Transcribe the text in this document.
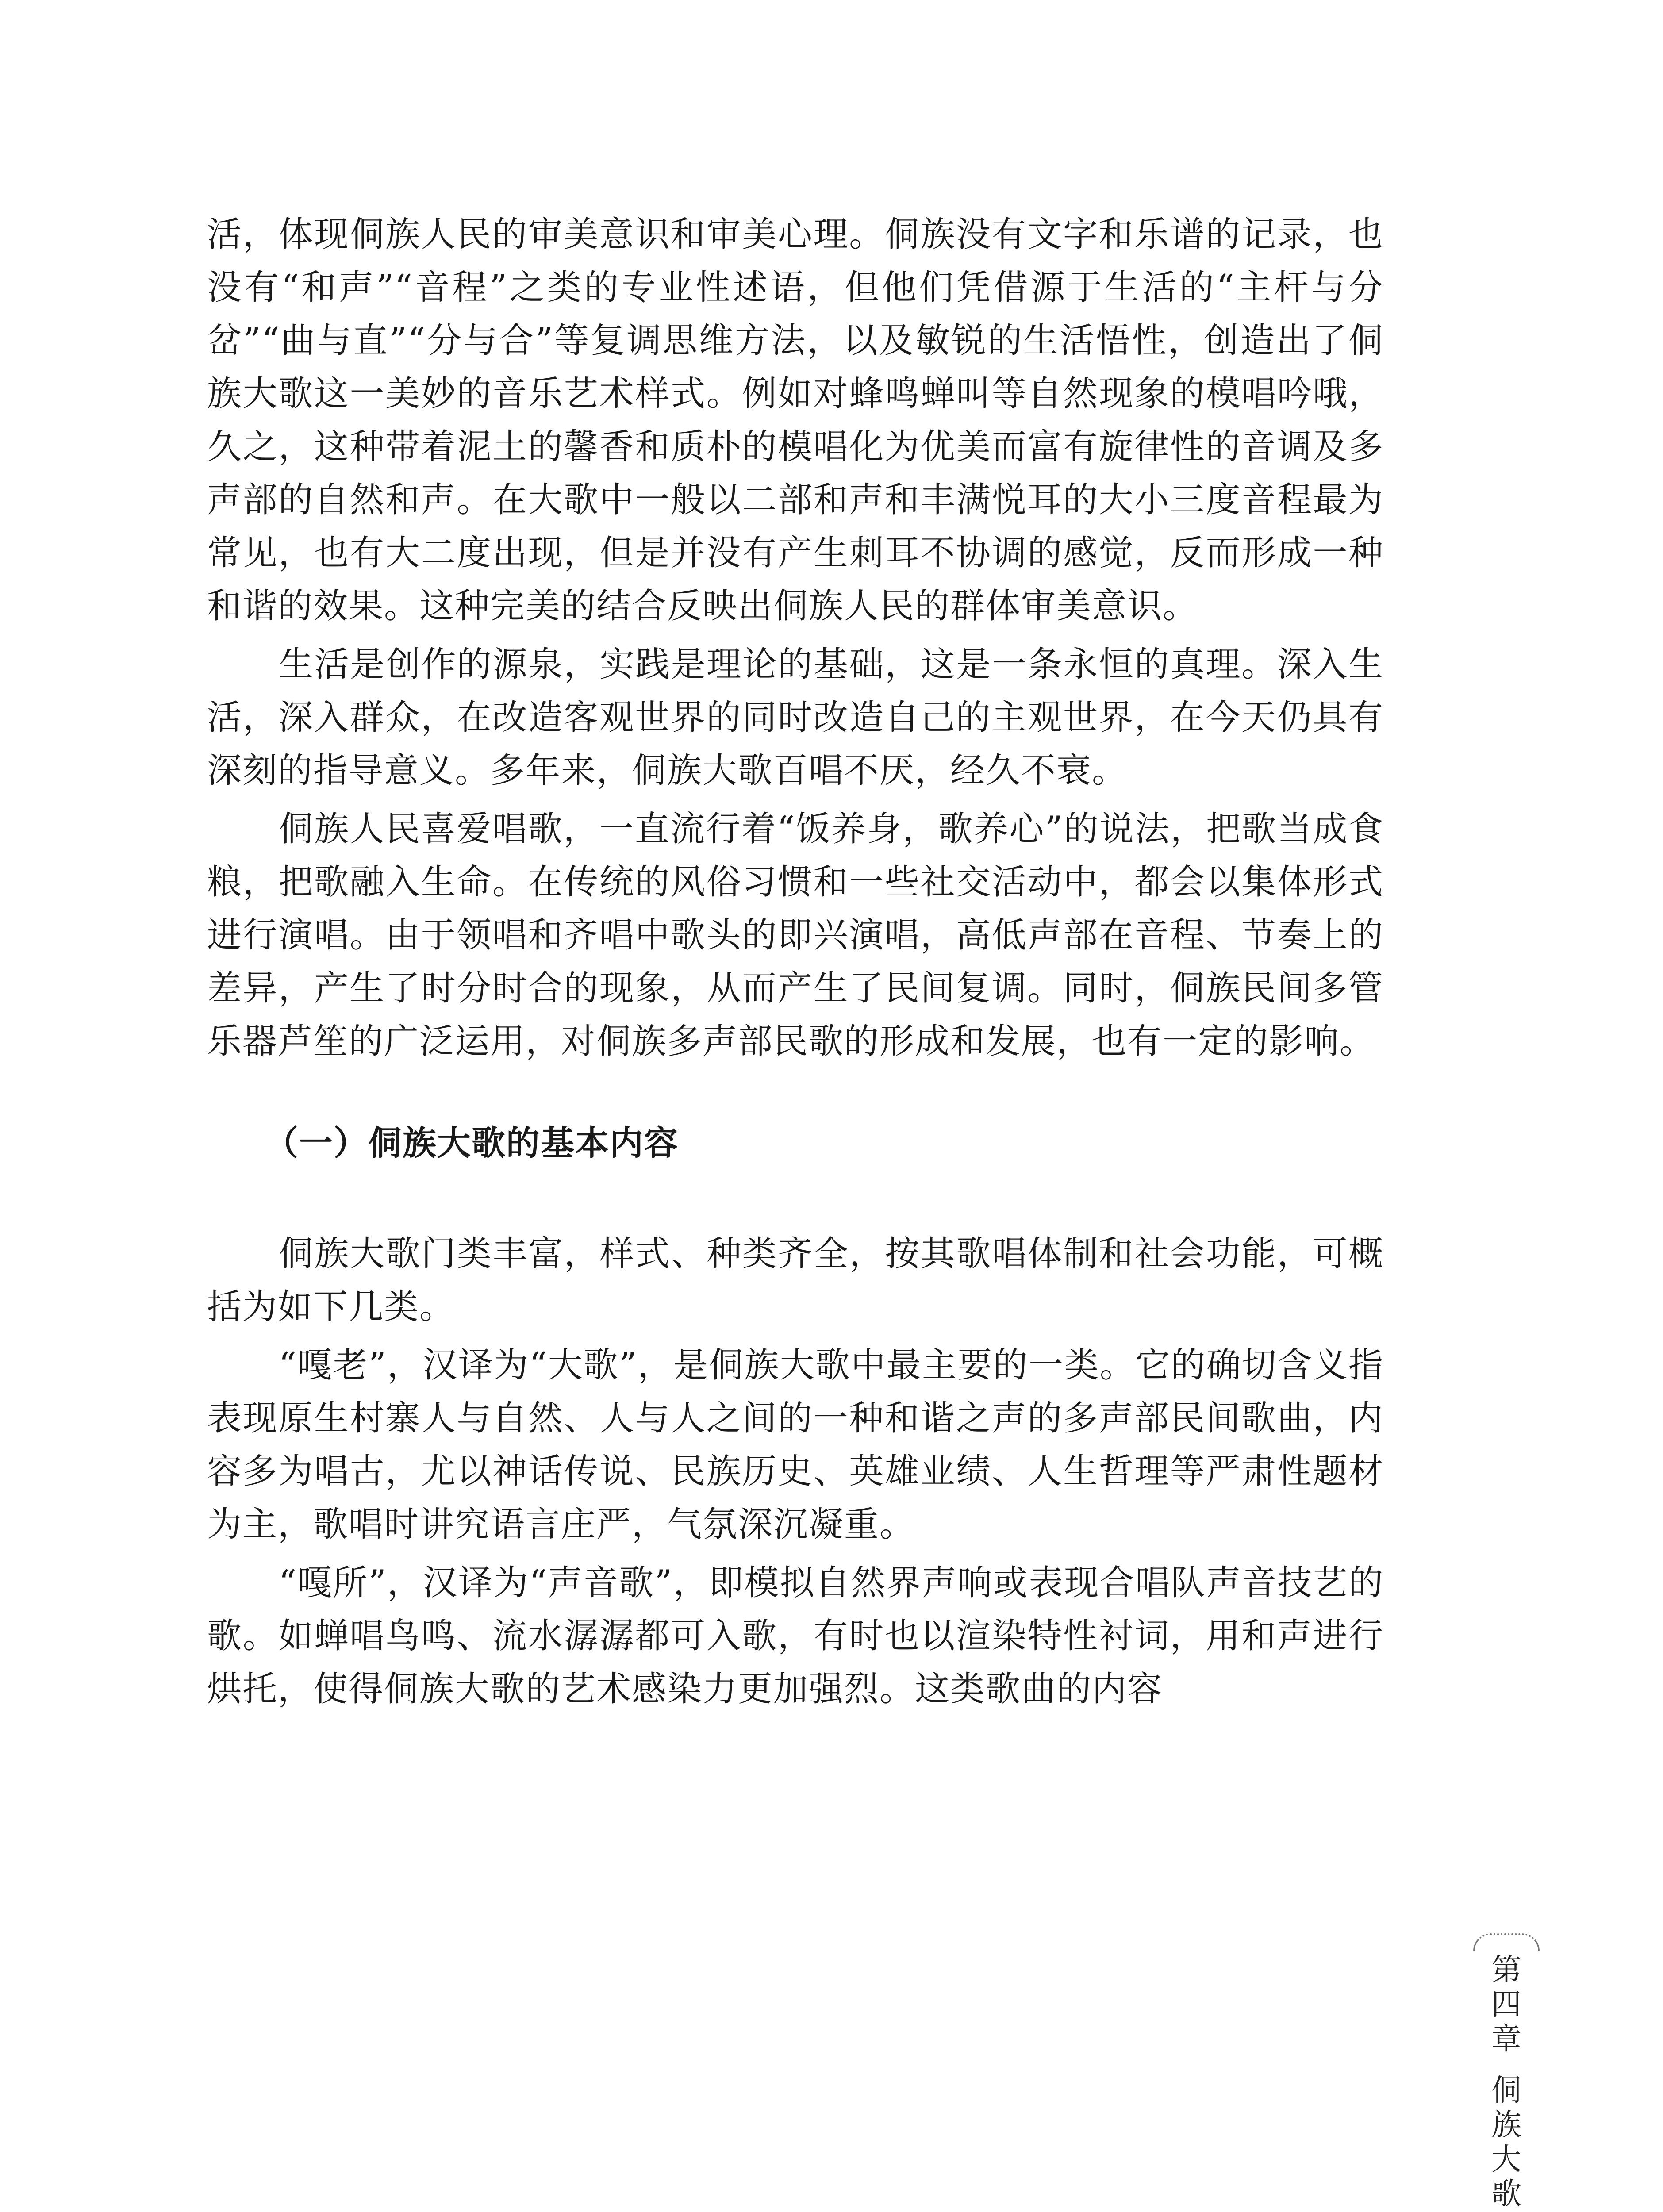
活，体现侗族人民的审美意识和审美心理。侗族没有文字和乐谱的记录，也没有“和声”“音程”之类的专业性述语，但他们凭借源于生活的“主杆与分岔”“曲与直”“分与合”等复调思维方法，以及敏锐的生活悟性，创造出了侗族大歌这一美妙的音乐艺术样式。例如对蜂鸣蝉叫等自然现象的模唱吟哦，久之，这种带着泥土的馨香和质朴的模唱化为优美而富有旋律性的音调及多声部的自然和声。在大歌中一般以二部和声和丰满悦耳的大小三度音程最为常见，也有大二度出现，但是并没有产生刺耳不协调的感觉，反而形成一种和谐的效果。这种完美的结合反映出侗族人民的群体审美意识。

生活是创作的源泉，实践是理论的基础，这是一条永恒的真理。深入生活，深入群众，在改造客观世界的同时改造自己的主观世界，在今天仍具有深刻的指导意义。多年来，侗族大歌百唱不厌，经久不衰。

侗族人民喜爱唱歌，一直流行着“饭养身，歌养心”的说法，把歌当成食粮，把歌融入生命。在传统的风俗习惯和一些社交活动中，都会以集体形式进行演唱。由于领唱和齐唱中歌头的即兴演唱，高低声部在音程、节奏上的差异，产生了时分时合的现象，从而产生了民间复调。同时，侗族民间多管乐器芦笙的广泛运用，对侗族多声部民歌的形成和发展，也有一定的影响。

（一）侗族大歌的基本内容

侗族大歌门类丰富，样式、种类齐全，按其歌唱体制和社会功能，可概括为如下几类。

“嘎老”，汉译为“大歌”，是侗族大歌中最主要的一类。它的确切含义指表现原生村寨人与自然、人与人之间的一种和谐之声的多声部民间歌曲，内容多为唱古，尤以神话传说、民族历史、英雄业绩、人生哲理等严肃性题材为主，歌唱时讲究语言庄严，气氛深沉凝重。

“嘎所”，汉译为“声音歌”，即模拟自然界声响或表现合唱队声音技艺的歌。如蝉唱鸟鸣、流水潺潺都可入歌，有时也以渲染特性衬词，用和声进行烘托，使得侗族大歌的艺术感染力更加强烈。这类歌曲的内容

第
四
章
侗
族
大
歌
